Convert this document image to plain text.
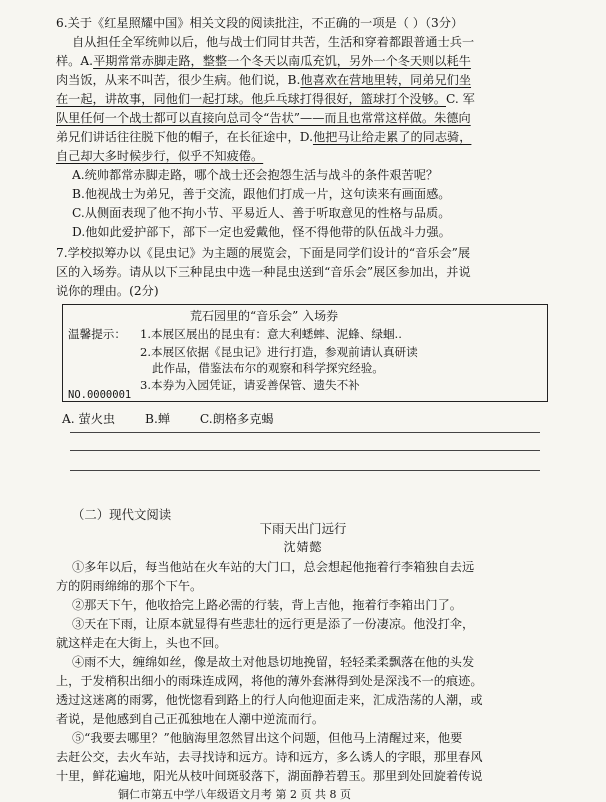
6.关于《红星照耀中国》相关文段的阅读批注，不正确的一项是（ ）（3分）
自从担任全军统帅以后，他与战士们同甘共苦，生活和穿着都跟普通士兵一
样。A.平期常常赤脚走路，整整一个冬天以南瓜充饥，另外一个冬天则以耗牛
肉当饭，从来不叫苦，很少生病。他们说，B.他喜欢在营地里转，同弟兄们坐
在一起，讲故事，同他们一起打球。他乒乓球打得很好，篮球打个没够。C. 军
队里任何一个战士都可以直接向总司令“告状”——而且也常常这样做。朱德向
弟兄们讲话往往脱下他的帽子，在长征途中，D.他把马让给走累了的同志骑，
自己却大多时候步行，似乎不知疲倦。
A.统帅都常赤脚走路，哪个战士还会抱怨生活与战斗的条件艰苦呢？
B.他视战士为弟兄，善于交流，跟他们打成一片，这句读来有画面感。
C.从侧面表现了他不拘小节、平易近人、善于听取意见的性格与品质。
D.他如此爱护部下，部下一定也爱戴他，怪不得他带的队伍战斗力强。
7.学校拟筹办以《昆虫记》为主题的展览会，下面是同学们设计的“音乐会”展
区的入场券。请从以下三种昆虫中选一种昆虫送到“音乐会”展区参加出，并说
说你的理由。(2分)
荒石园里的“音乐会” 入场券
温馨提示： 1.本展区展出的昆虫有：意大利蟋蟀、泥蜂、绿蝈..
2.本展区依据《昆虫记》进行打造，参观前请认真研读
此作品，借鉴法布尔的观察和科学探究经验。
3.本券为入园凭证，请妥善保管、遗失不补
NO.0000001
A. 萤火虫 B.蝉 C.朗格多克蝎
（二）现代文阅读
下雨天出门远行
沈婧懿
①多年以后，每当他站在火车站的大门口，总会想起他拖着行李箱独自去远
方的阴雨绵绵的那个下午。
②那天下午，他收拾完上路必需的行装，背上吉他，拖着行李箱出门了。
③天在下雨，让原本就显得有些悲壮的远行更是添了一份凄凉。他没打伞，
就这样走在大街上，头也不回。
④雨不大，缠绵如丝，像是故土对他恳切地挽留，轻轻柔柔飘落在他的头发
上，于发梢积出细小的雨珠连成网，将他的薄外套淋得到处是深浅不一的痕迹。
透过这迷离的雨雾，他恍惚看到路上的行人向他迎面走来，汇成浩荡的人潮，或
者说，是他感到自己正孤独地在人潮中逆流而行。
⑤“我要去哪里？”他脑海里忽然冒出这个问题，但他马上清醒过来，他要
去赶公交，去火车站，去寻找诗和远方。诗和远方，多么诱人的字眼，那里春风
十里，鲜花遍地，阳光从枝叶间斑驳落下，湖面静若碧玉。那里到处回旋着传说
铜仁市第五中学八年级语文月考 第 2 页 共 8 页
